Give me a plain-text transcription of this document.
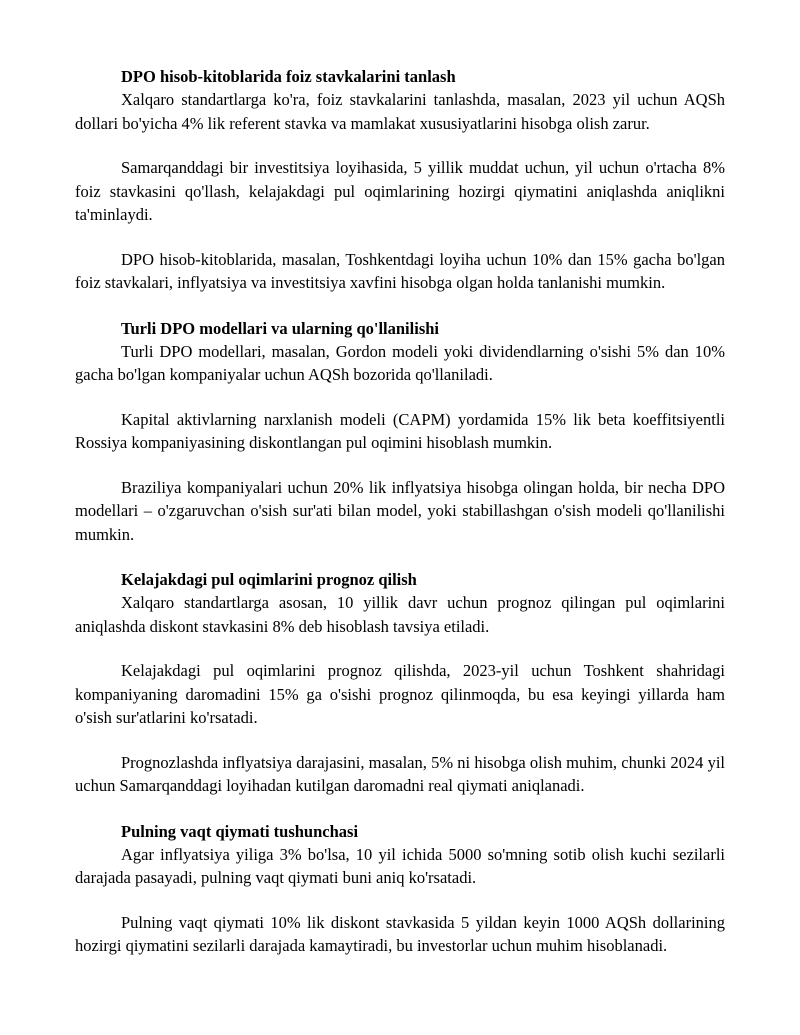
DPO hisob-kitoblarida foiz stavkalarini tanlash

Xalqaro standartlarga ko'ra, foiz stavkalarini tanlashda, masalan, 2023 yil uchun AQSh dollari bo'yicha 4% lik referent stavka va mamlakat xususiyatlarini hisobga olish zarur.

Samarqanddagi bir investitsiya loyihasida, 5 yillik muddat uchun, yil uchun o'rtacha 8% foiz stavkasini qo'llash, kelajakdagi pul oqimlarining hozirgi qiymatini aniqlashda aniqlikni ta'minlaydi.

DPO hisob-kitoblarida, masalan, Toshkentdagi loyiha uchun 10% dan 15% gacha bo'lgan foiz stavkalari, inflyatsiya va investitsiya xavfini hisobga olgan holda tanlanishi mumkin.

Turli DPO modellari va ularning qo'llanilishi

Turli DPO modellari, masalan, Gordon modeli yoki dividendlarning o'sishi 5% dan 10% gacha bo'lgan kompaniyalar uchun AQSh bozorida qo'llaniladi.

Kapital aktivlarning narxlanish modeli (CAPM) yordamida 15% lik beta koeffitsiyentli Rossiya kompaniyasining diskontlangan pul oqimini hisoblash mumkin.

Braziliya kompaniyalari uchun 20% lik inflyatsiya hisobga olingan holda, bir necha DPO modellari – o'zgaruvchan o'sish sur'ati bilan model, yoki stabillashgan o'sish modeli qo'llanilishi mumkin.

Kelajakdagi pul oqimlarini prognoz qilish

Xalqaro standartlarga asosan, 10 yillik davr uchun prognoz qilingan pul oqimlarini aniqlashda diskont stavkasini 8% deb hisoblash tavsiya etiladi.

Kelajakdagi pul oqimlarini prognoz qilishda, 2023-yil uchun Toshkent shahridagi kompaniyaning daromadini 15% ga o'sishi prognoz qilinmoqda, bu esa keyingi yillarda ham o'sish sur'atlarini ko'rsatadi.

Prognozlashda inflyatsiya darajasini, masalan, 5% ni hisobga olish muhim, chunki 2024 yil uchun Samarqanddagi loyihadan kutilgan daromadni real qiymati aniqlanadi.

Pulning vaqt qiymati tushunchasi

Agar inflyatsiya yiliga 3% bo'lsa, 10 yil ichida 5000 so'mning sotib olish kuchi sezilarli darajada pasayadi, pulning vaqt qiymati buni aniq ko'rsatadi.

Pulning vaqt qiymati 10% lik diskont stavkasida 5 yildan keyin 1000 AQSh dollarining hozirgi qiymatini sezilarli darajada kamaytiradi, bu investorlar uchun muhim hisoblanadi.
